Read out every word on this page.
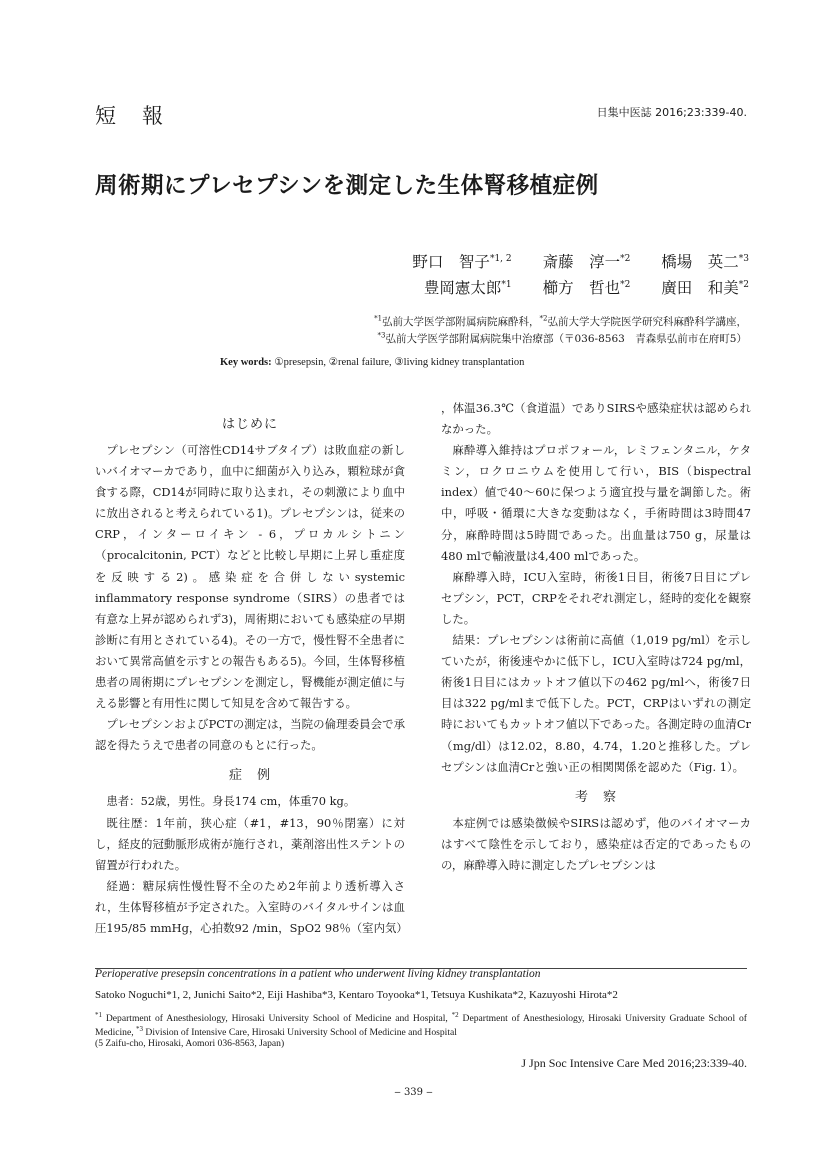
短報	日集中医誌 2016;23:339-40.
周術期にプレセプシンを測定した生体腎移植症例
野口　智子$^{*1, 2}$ 斎藤　淳一$^{*2}$ 橋場　英二$^{*3}$
豊岡憲太郎$^{*1}$ 櫛方　哲也$^{*2}$ 廣田　和美$^{*2}$
$^{*1}$弘前大学医学部附属病院麻酔科，$^{*2}$弘前大学大学院医学研究科麻酔科学講座，
$^{*3}$弘前大学医学部附属病院集中治療部（〒036-8563　青森県弘前市在府町5）
Key words: ①presepsin, ②renal failure, ③living kidney transplantation
はじめに

プレセプシン（可溶性CD14サブタイプ）は敗血症の新しいバイオマーカであり，血中に細菌が入り込み，顆粒球が貪食する際，CD14が同時に取り込まれ，その刺激により血中に放出されると考えられている1)。プレセプシンは，従来のCRP，インターロイキン - 6，プロカルシトニン（procalcitonin, PCT）などと比較し早期に上昇し重症度を反映する2)。感染症を合併しないsystemic inflammatory response syndrome（SIRS）の患者では有意な上昇が認められず3)，周術期においても感染症の早期診断に有用とされている4)。その一方で，慢性腎不全患者において異常高値を示すとの報告もある5)。今回，生体腎移植患者の周術期にプレセプシンを測定し，腎機能が測定値に与える影響と有用性に関して知見を含めて報告する。

プレセプシンおよびPCTの測定は，当院の倫理委員会で承認を得たうえで患者の同意のもとに行った。

症　例

患者：52歳，男性。身長174 cm，体重70 kg。

既往歴：1年前，狭心症（#1，#13，90％閉塞）に対し，経皮的冠動脈形成術が施行され，薬剤溶出性ステントの留置が行われた。

経過：糖尿病性慢性腎不全のため2年前より透析導入され，生体腎移植が予定された。入室時のバイタルサインは血圧195/85 mmHg，心拍数92 /min，SpO2 98％（室内気）

，体温36.3℃（食道温）でありSIRSや感染症状は認められなかった。

麻酔導入維持はプロポフォール，レミフェンタニル，ケタミン，ロクロニウムを使用して行い，BIS（bispectral index）値で40～60に保つよう適宜投与量を調節した。術中，呼吸・循環に大きな変動はなく，手術時間は3時間47分，麻酔時間は5時間であった。出血量は750 g，尿量は480 mlで輸液量は4,400 mlであった。

麻酔導入時，ICU入室時，術後1日目，術後7日目にプレセプシン，PCT，CRPをそれぞれ測定し，経時的変化を観察した。

結果：プレセプシンは術前に高値（1,019 pg/ml）を示していたが，術後速やかに低下し，ICU入室時は724 pg/ml，術後1日目にはカットオフ値以下の462 pg/mlへ，術後7日目は322 pg/mlまで低下した。PCT，CRPはいずれの測定時においてもカットオフ値以下であった。各測定時の血清Cr（mg/dl）は12.02，8.80，4.74，1.20と推移した。プレセプシンは血清Crと強い正の相関関係を認めた（Fig. 1）。

考　察

本症例では感染徴候やSIRSは認めず，他のバイオマーカはすべて陰性を示しており，感染症は否定的であったものの，麻酔導入時に測定したプレセプシンは

Perioperative presepsin concentrations in a patient who underwent living kidney transplantation
Satoko Noguchi*1, 2, Junichi Saito*2, Eiji Hashiba*3, Kentaro Toyooka*1, Tetsuya Kushikata*2, Kazuyoshi Hirota*2
$^{*1}$ Department of Anesthesiology, Hirosaki University School of Medicine and Hospital, $^{*2}$ Department of Anesthesiology, Hirosaki University Graduate School of Medicine, $^{*3}$ Division of Intensive Care, Hirosaki University School of Medicine and Hospital
(5 Zaifu-cho, Hirosaki, Aomori 036-8563, Japan)
J Jpn Soc Intensive Care Med 2016;23:339-40.
‒ 339 ‒
